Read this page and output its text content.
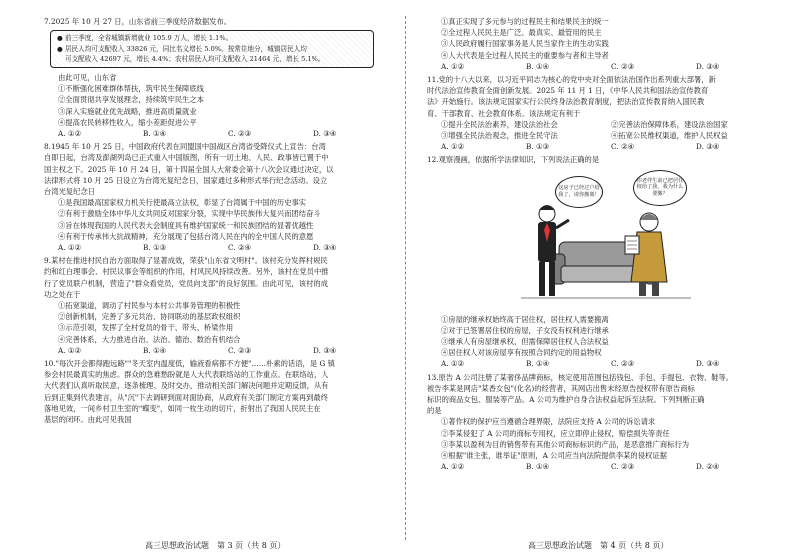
7.2025 年 10 月 27 日，山东省前三季度经济数据发布。
● 前三季度，全省城镇新增就业 105.9 万人，增长 1.1%。
● 居民人均可支配收入 33826 元，同比名义增长 5.0%。按常住地分，城镇居民人均
可支配收入 42697 元，增长 4.4%；农村居民人均可支配收入 21464 元，增长 5.1%。
由此可见，山东省
①不断强化困难群体帮扶，筑牢民生保障底线
②全面贯彻共享发展理念，持续筑牢民生之本
③深入实施就业优先战略，推进高质量就业
④提高农民转移性收入，缩小差距促进公平
A. ①②	B. ①④	C. ②③	D. ③④
8.1945 年 10 月 25 日，中国政府代表在同盟国中国战区台湾省受降仪式上宣告：台湾
自即日起，台湾及澎湖列岛已正式重入中国版图，所有一切土地、人民、政事皆已置于中
国主权之下。2025 年 10 月 24 日，第十四届全国人大常委会第十八次会议通过决定，以
法律形式将 10 月 25 日设立为台湾光复纪念日，国家通过多种形式举行纪念活动。设立
台湾光复纪念日
①是我国最高国家权力机关行使最高立法权，彰显了台湾属于中国的历史事实
②有利于激励全体中华儿女共同反对国家分裂，实现中华民族伟大复兴而团结奋斗
③旨在体现我国的人民代表大会制度具有维护国家统一和民族团结的显著优越性
④有利于传承伟大抗战精神，充分展现了包括台湾人民在内的全中国人民的意愿
A. ①②	B. ①③	C. ②④	D. ③④
9.某村在推进村民自治方面取得了显著成效，荣获"山东省文明村"。该村充分发挥村规民
约和红白理事会、村民议事会等组织的作用，村风民风持续改善。另外，该村在党员中推
行了党员联户机制，营造了"群众看党员，党员向支部"的良好氛围。由此可见，该村的成
功之处在于
①拓宽渠道，调动了村民参与本村公共事务管理的积极性
②创新机制，完善了多元共治、协同联动的基层政权组织
③示范引领，发挥了全村党员的骨干、带头、桥梁作用
④完善体系，大力推进自治、法治、德治、数治有机结合
A. ①②	B. ①④	C. ②③	D. ③④
10."每次开会都得跑远路""冬天室内温度低，输液看病都不方便"……朴素的话语，是 G 镇
参会村民最真实的焦虑。群众的急难愁盼就是人大代表联络站的工作重点。在联络站，人
大代表们认真听取民意，逐条梳理、及时交办，推动相关部门解决问题并定期反馈，从有
后到正集到代表建言，从"沉"下去调研到面对面协商，从政府有关部门制定方案再到最终
落地见效，一间乡村卫生室的"蝶变"，如同一枚生动的切片，折射出了我国人民民主在
基层的闭环。由此可见我国
①真正实现了多元参与的过程民主和结果民主的统一
②全过程人民民主是广泛、最真实、最管用的民主
③人民政府履行国家事务是人民当家作主的生动实践
④人大代表是全过程人民民主的重要参与者和主导者
A. ①②	B. ①④	C. ②③	D. ③④
11.党的十八大以来，以习近平同志为核心的党中央对全面依法治国作出系列重大部署，新
时代法治宣传教育全面创新发展。2025 年 11 月 1 日，《中华人民共和国法治宣传教育
法》开始施行。该法规定国家实行公民终身法治教育制度，把法治宣传教育纳入国民教
育、干部教育、社会教育体系。该法规定有利于
①提升全民法治素养，建设法治社会	②完善法治保障体系，建设法治国家
③增强全民法治观念，推进全民守法	④拓宽公民维权渠道，维护人民权益
A. ①②	B. ①③	C. ②④	D. ③④
12.观察漫画，依据所学法律知识，下列说法正确的是
这房子已经过户给我了，请你搬离！
你老伴生前已把居住权给了我，我为什么要搬？
①房屋的继承权始终高于居住权，居住权人需要搬离
②对于已签署居住权的房屋，子女没有权利进行继承
③继承人有房屋继承权，但需保障居住权人合法权益
④居住权人对该房屋享有按照合同约定的用益物权
A. ①②	B. ①④	C. ②③	D. ③④
13.原告 A 公司注册了某奢侈品牌商标，核定使用范围包括钱包、手包、手提包、衣物、鞋等。
被告李某是网店"某香女包"(化名)的经营者，其网店出售未经原告授权带有原告商标
标识的商品女包、服装等产品。A 公司为维护自身合法权益起诉至法院。下列判断正确
的是
①著作权的保护应当遵循合理界限，法院应支持 A 公司的诉讼请求
②李某侵犯了 A 公司的商标专用权，应立即停止侵权，赔偿损失等责任
③李某以盈利为目的销售带有其他公司商标标识的产品，是恶意推广商标行为
④根据"谁主张，谁举证"原则，A 公司应当向法院提供李某的侵权证据
A. ①②	B. ①④	C. ②③	D. ②④
高三思想政治试题　第 3 页（共 8 页）	高三思想政治试题　第 4 页（共 8 页）
